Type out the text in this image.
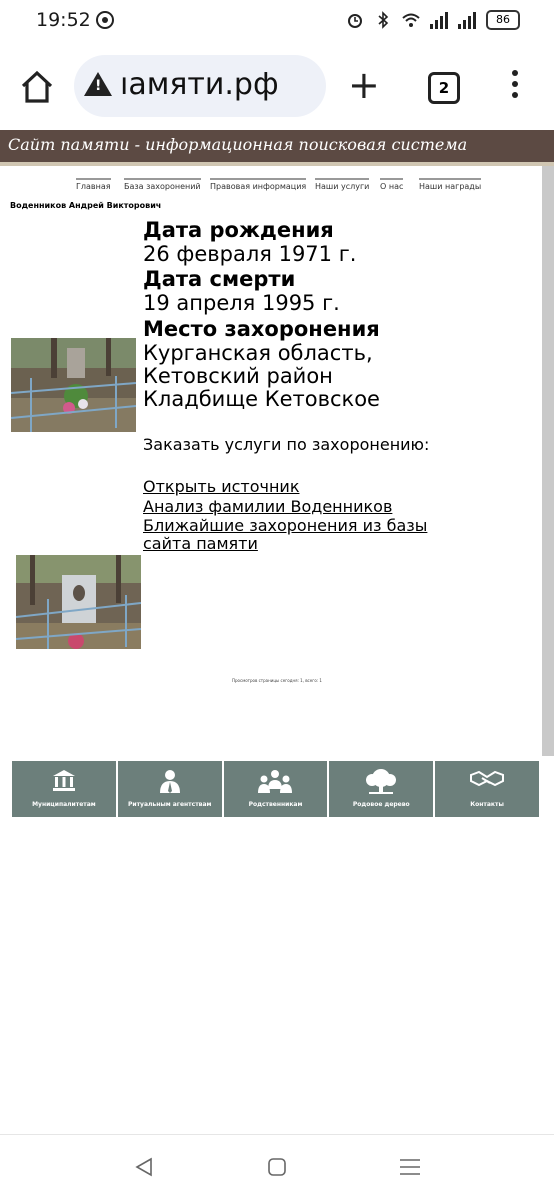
19:52	86
!
ıамяти.рф +	2
Сайт памяти - информационная поисковая система
Главная База захоронений Правовая информация Наши услуги О нас Наши награды
Воденников Андрей Викторович
Дата рождения
26 февраля 1971 г.
Дата смерти
19 апреля 1995 г.
Место захоронения
Курганская область,
Кетовский район
Кладбище Кетовское
Заказать услуги по захоронению:
Открыть источник
Анализ фамилии Воденников
Ближайшие захоронения из базы
сайта памяти
Просмотров страницы сегодня: 1, всего: 1
Муниципалитетам	Ритуальным агентствам	Родственникам	Родовое дерево	Контакты
